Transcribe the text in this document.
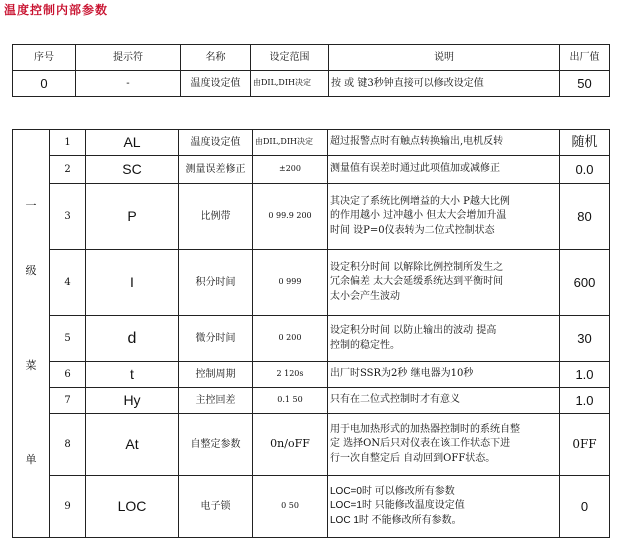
温度控制内部参数
序号	提示符	名称	设定范围	说明	出厂值
0	-	温度设定值	由DIL,DIH决定	按 或 键3秒钟直接可以修改设定值	50
一
级
菜
单	1	AL	温度设定值	由DIL,DIH决定	超过报警点时有触点转换输出,电机反转	随机
	2	SC	测量误差修正	±200	测量值有误差时通过此项值加或减修正	0.0
	3	P	比例带	0 99.9 200	其决定了系统比例增益的大小 P越大比例
的作用越小 过冲越小 但太大会增加升温
时间 设P=0仪表转为二位式控制状态	80
	4	I	积分时间	0 999	设定积分时间 以解除比例控制所发生之
冗余偏差 太大会延缓系统达到平衡时间
太小会产生波动	600
	5	d	微分时间	0 200	设定积分时间 以防止输出的波动 提高
控制的稳定性。	30
	6	t	控制周期	2 120s	出厂时SSR为2秒 继电器为10秒	1.0
	7	Hy	主控回差	0.1 50	只有在二位式控制时才有意义	1.0
	8	At	自整定参数	0n/oFF	用于电加热形式的加热器控制时的系统自整
定 选择ON后只对仪表在该工作状态下进
行一次自整定后 自动回到OFF状态。	0FF
	9	LOC	电子锁	0 50	LOC=0时 可以修改所有参数
LOC=1时 只能修改温度设定值
LOC 1时 不能修改所有参数。	0
